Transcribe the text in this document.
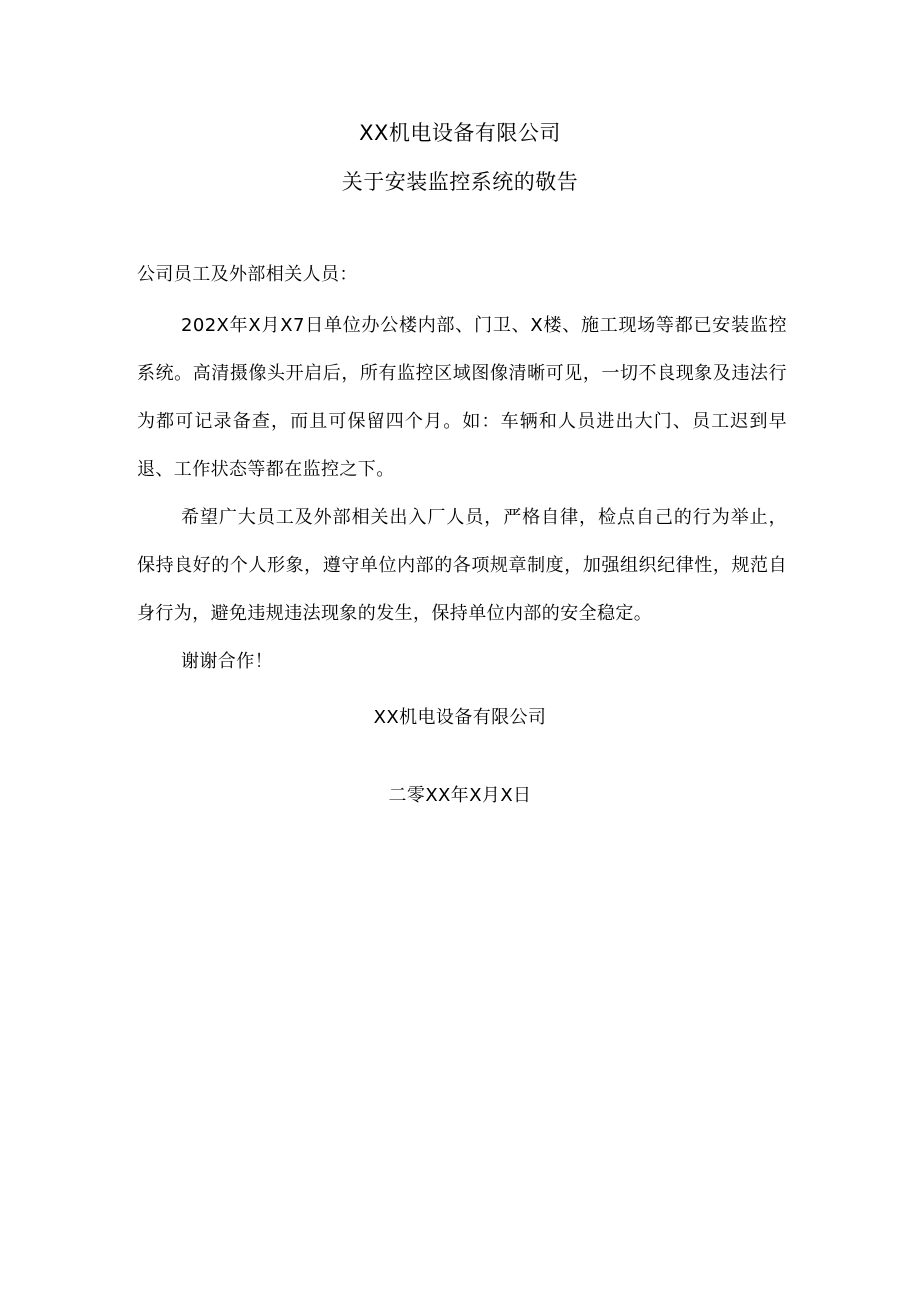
XX机电设备有限公司
关于安装监控系统的敬告
公司员工及外部相关人员：

202X年X月X7日单位办公楼内部、门卫、X楼、施工现场等都已安装监控系统。高清摄像头开启后，所有监控区域图像清晰可见，一切不良现象及违法行为都可记录备查，而且可保留四个月。如：车辆和人员进出大门、员工迟到早退、工作状态等都在监控之下。

希望广大员工及外部相关出入厂人员，严格自律，检点自己的行为举止，保持良好的个人形象，遵守单位内部的各项规章制度，加强组织纪律性，规范自身行为，避免违规违法现象的发生，保持单位内部的安全稳定。

谢谢合作！
XX机电设备有限公司
二零XX年X月X日
